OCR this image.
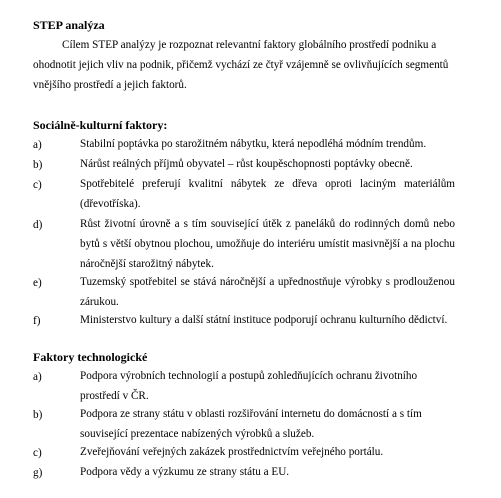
STEP analýza
Cílem STEP analýzy je rozpoznat relevantní faktory globálního prostředí podniku a
ohodnotit jejich vliv na podnik, přičemž vychází ze čtyř vzájemně se ovlivňujících segmentů
vnějšího prostředí a jejich faktorů.
Sociálně-kulturní faktory:
a)	Stabilní poptávka po starožitném nábytku, která nepodléhá módním trendům.
b)	Nárůst reálných příjmů obyvatel – růst koupěschopnosti poptávky obecně.
c)	Spotřebitelé preferují kvalitní nábytek ze dřeva oproti laciným materiálům (dřevotříska).
d)	Růst životní úrovně a s tím související útěk z paneláků do rodinných domů nebo bytů s větší obytnou plochou, umožňuje do interiéru umístit masivnější a na plochu náročnější starožitný nábytek.
e)	Tuzemský spotřebitel se stává náročnější a upřednostňuje výrobky s prodlouženou zárukou.
f)	Ministerstvo kultury a další státní instituce podporují ochranu kulturního dědictví.
Faktory technologické
a)	Podpora výrobních technologií a postupů zohledňujících ochranu životního prostředí v ČR.
b)	Podpora ze strany státu v oblasti rozšiřování internetu do domácností a s tím související prezentace nabízených výrobků a služeb.
c)	Zveřejňování veřejných zakázek prostřednictvím veřejného portálu.
g)	Podpora vědy a výzkumu ze strany státu a EU.
